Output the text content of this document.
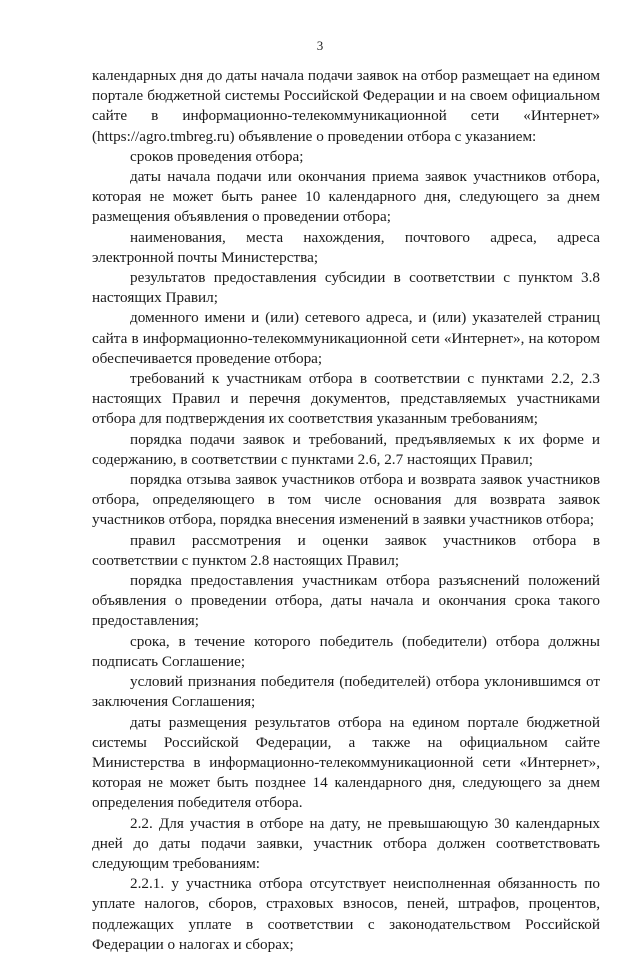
3

календарных дня до даты начала подачи заявок на отбор размещает на едином портале бюджетной системы Российской Федерации и на своем официальном сайте в информационно-телекоммуникационной сети «Интернет» (https://agro.tmbreg.ru) объявление о проведении отбора с указанием:

сроков проведения отбора;

даты начала подачи или окончания приема заявок участников отбора, которая не может быть ранее 10 календарного дня, следующего за днем размещения объявления о проведении отбора;

наименования, места нахождения, почтового адреса, адреса электронной почты Министерства;

результатов предоставления субсидии в соответствии с пунктом 3.8 настоящих Правил;

доменного имени и (или) сетевого адреса, и (или) указателей страниц сайта в информационно-телекоммуникационной сети «Интернет», на котором обеспечивается проведение отбора;

требований к участникам отбора в соответствии с пунктами 2.2, 2.3 настоящих Правил и перечня документов, представляемых участниками отбора для подтверждения их соответствия указанным требованиям;

порядка подачи заявок и требований, предъявляемых к их форме и содержанию, в соответствии с пунктами 2.6, 2.7 настоящих Правил;

порядка отзыва заявок участников отбора и возврата заявок участников отбора, определяющего в том числе основания для возврата заявок участников отбора, порядка внесения изменений в заявки участников отбора;

правил рассмотрения и оценки заявок участников отбора в соответствии с пунктом 2.8 настоящих Правил;

порядка предоставления участникам отбора разъяснений положений объявления о проведении отбора, даты начала и окончания срока такого предоставления;

срока, в течение которого победитель (победители) отбора должны подписать Соглашение;

условий признания победителя (победителей) отбора уклонившимся от заключения Соглашения;

даты размещения результатов отбора на едином портале бюджетной системы Российской Федерации, а также на официальном сайте Министерства в информационно-телекоммуникационной сети «Интернет», которая не может быть позднее 14 календарного дня, следующего за днем определения победителя отбора.

2.2. Для участия в отборе на дату, не превышающую 30 календарных дней до даты подачи заявки, участник отбора должен соответствовать следующим требованиям:

2.2.1. у участника отбора отсутствует неисполненная обязанность по уплате налогов, сборов, страховых взносов, пеней, штрафов, процентов, подлежащих уплате в соответствии с законодательством Российской Федерации о налогах и сборах;
